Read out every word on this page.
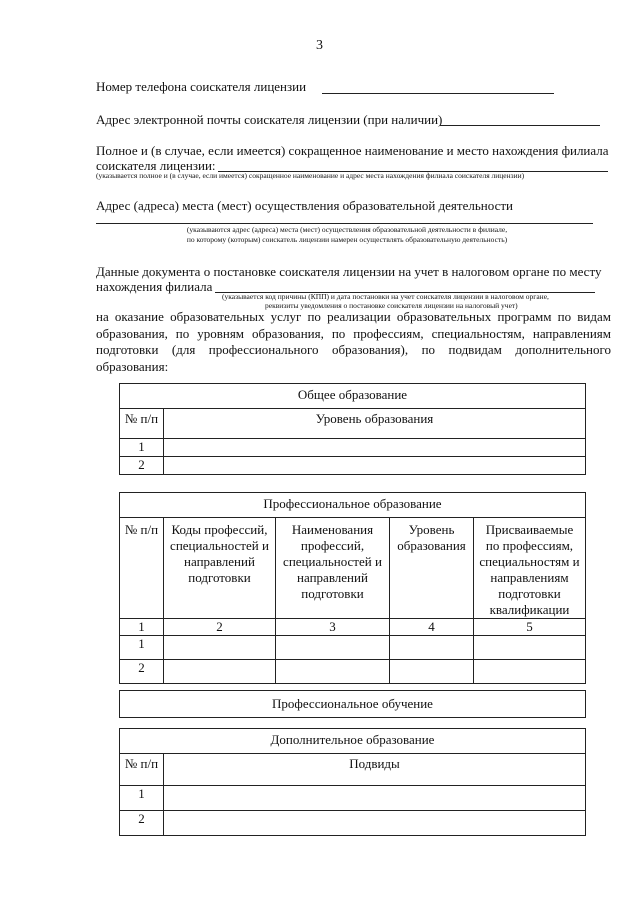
3
Номер телефона соискателя лицензии
Адрес электронной почты соискателя лицензии (при наличии)
Полное и (в случае, если имеется) сокращенное наименование и место нахождения филиала
соискателя лицензии:
(указывается полное и (в случае, если имеется) сокращенное наименование и адрес места нахождения филиала соискателя лицензии)
Адрес (адреса) места (мест) осуществления образовательной деятельности
(указываются адрес (адреса) места (мест) осуществления образовательной деятельности в филиале,
по которому (которым) соискатель лицензии намерен осуществлять образовательную деятельность)
Данные документа о постановке соискателя лицензии на учет в налоговом органе по месту
нахождения филиала
(указывается код причины (КПП) и дата постановки на учет соискателя лицензии в налоговом органе,
реквизиты уведомления о постановке соискателя лицензии на налоговый учет)
на оказание образовательных услуг по реализации образовательных программ по видам образования, по уровням образования, по профессиям, специальностям, направлениям подготовки (для профессионального образования), по подвидам дополнительного образования:
Общее образование	
№ п/п	Уровень образования
1	
2	
Профессиональное образование				
№ п/п	Коды профессий, специальностей и направлений подготовки	Наименования профессий, специальностей и направлений подготовки	Уровень образования	Присваиваемые по профессиям, специальностям и направлениям подготовки квалификации
1	2	3	4	5
1				
2				
Профессиональное обучение
Дополнительное образование	
№ п/п	Подвиды
1	
2	
